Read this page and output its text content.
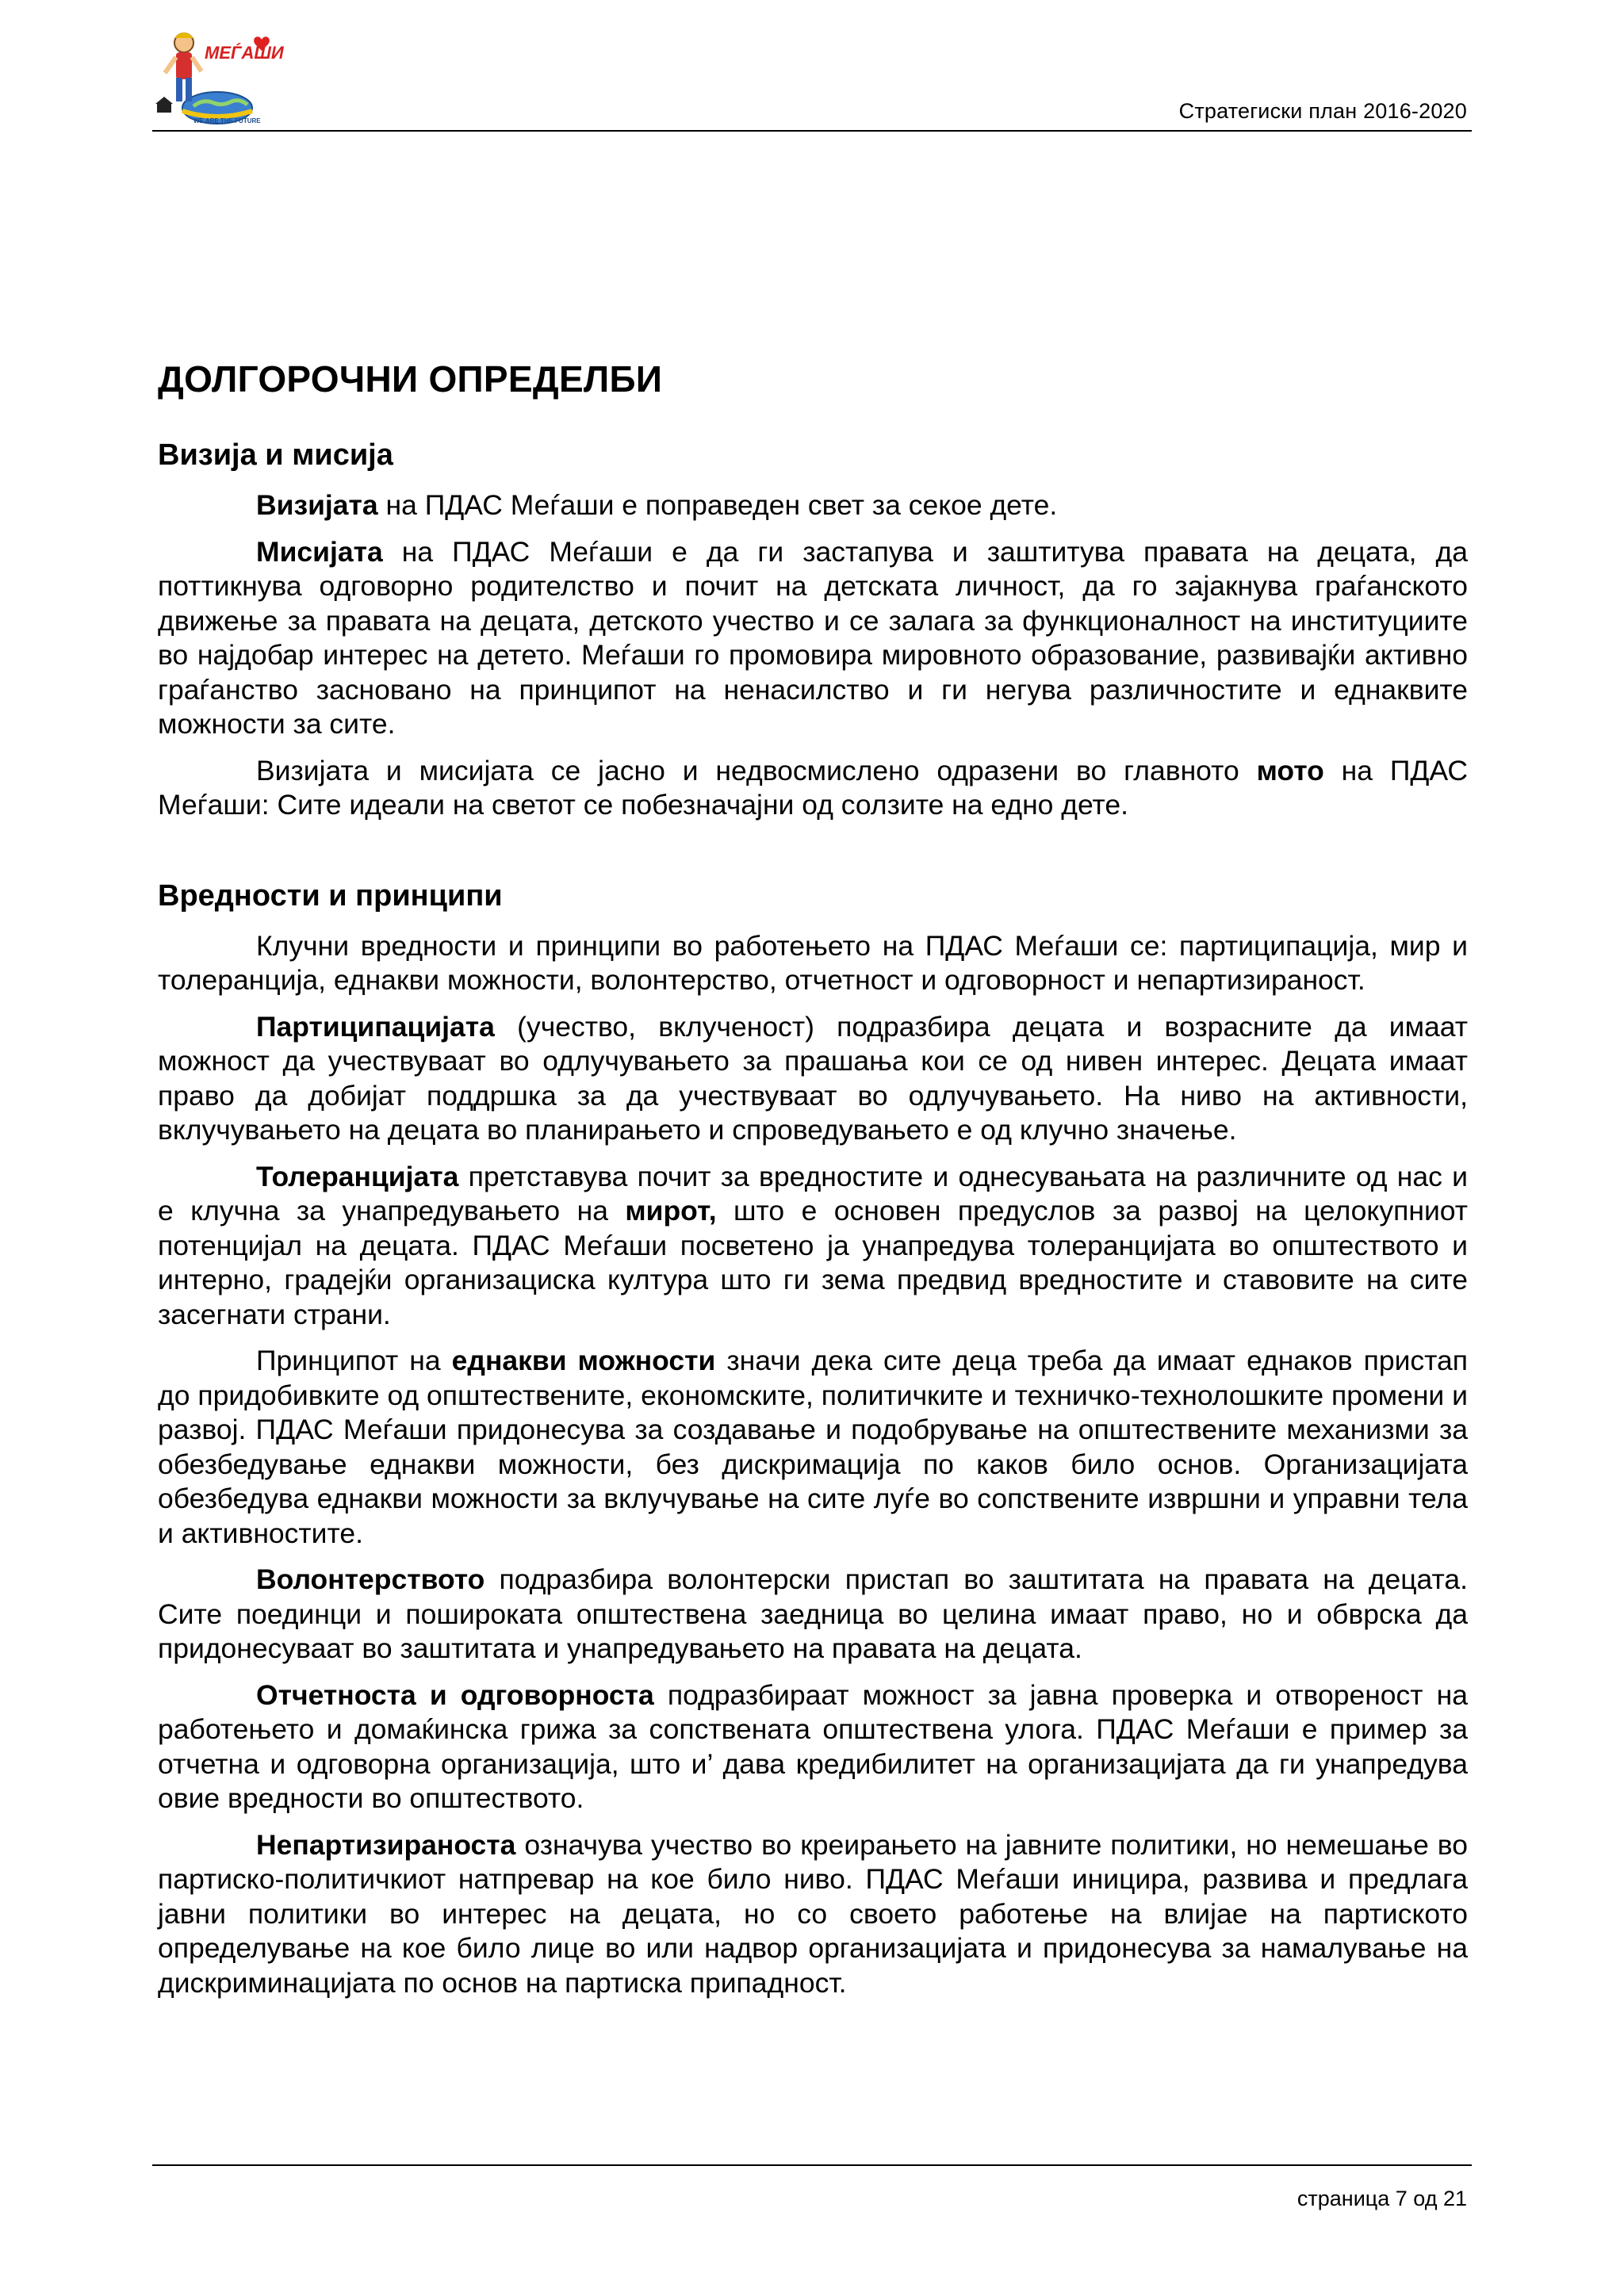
МЕЃАШИ
WE ARE THE FUTURE	Стратегиски план 2016-2020
ДОЛГОРОЧНИ ОПРЕДЕЛБИ
Визија и мисија

Визијата на ПДАС Меѓаши е поправеден свет за секое дете.

Мисијата на ПДАС Меѓаши е да ги застапува и заштитува правата на децата, да поттикнува одговорно родителство и почит на детската личност, да го зајакнува граѓанското движење за правата на децата, детското учество и се залага за функционалност на институциите во најдобар интерес на детето. Меѓаши го промовира мировното образование, развивајќи активно граѓанство засновано на принципот на ненасилство и ги негува различностите и еднаквите можности за сите.

Визијата и мисијата се јасно и недвосмислено одразени во главното мото на ПДАС Меѓаши: Сите идеали на светот се побезначајни од солзите на едно дете.

Вредности и принципи

Клучни вредности и принципи во работењето на ПДАС Меѓаши се: партиципација, мир и толеранција, еднакви можности, волонтерство, отчетност и одговорност и непартизираност.

Партиципацијата (учество, вклученост) подразбира децата и возрасните да имаат можност да учествуваат во одлучувањето за прашања кои се од нивен интерес. Децата имаат право да добијат поддршка за да учествуваат во одлучувањето. На ниво на активности, вклучувањето на децата во планирањето и спроведувањето е од клучно значење.

Толеранцијата претставува почит за вредностите и однесувањата на различните од нас и е клучна за унапредувањето на мирот, што е основен предуслов за развој на целокупниот потенцијал на децата. ПДАС Меѓаши посветено ја унапредува толеранцијата во општеството и интерно, градејќи организациска култура што ги зема предвид вредностите и ставовите на сите засегнати страни.

Принципот на еднакви можности значи дека сите деца треба да имаат еднаков пристап до придобивките од општествените, економските, политичките и техничко-технолошките промени и развој. ПДАС Меѓаши придонесува за создавање и подобрување на општествените механизми за обезбедување еднакви можности, без дискримација по каков било основ. Организацијата обезбедува еднакви можности за вклучување на сите луѓе во сопствените извршни и управни тела и активностите.

Волонтерството подразбира волонтерски пристап во заштитата на правата на децата. Сите поединци и пошироката општествена заедница во целина имаат право, но и обврска да придонесуваат во заштитата и унапредувањето на правата на децата.

Отчетноста и одговорноста подразбираат можност за јавна проверка и отвореност на работењето и домаќинска грижа за сопствената општествена улога. ПДАС Меѓаши е пример за отчетна и одговорна организација, што и’ дава кредибилитет на организацијата да ги унапредува овие вредности во општеството.

Непартизираноста означува учество во креирањето на јавните политики, но немешање во партиско-политичкиот натпревар на кое било ниво. ПДАС Меѓаши иницира, развива и предлага јавни политики во интерес на децата, но со своето работење на влијае на партиското определување на кое било лице во или надвор организацијата и придонесува за намалување на дискриминацијата по основ на партиска припадност.

страница 7 од 21
